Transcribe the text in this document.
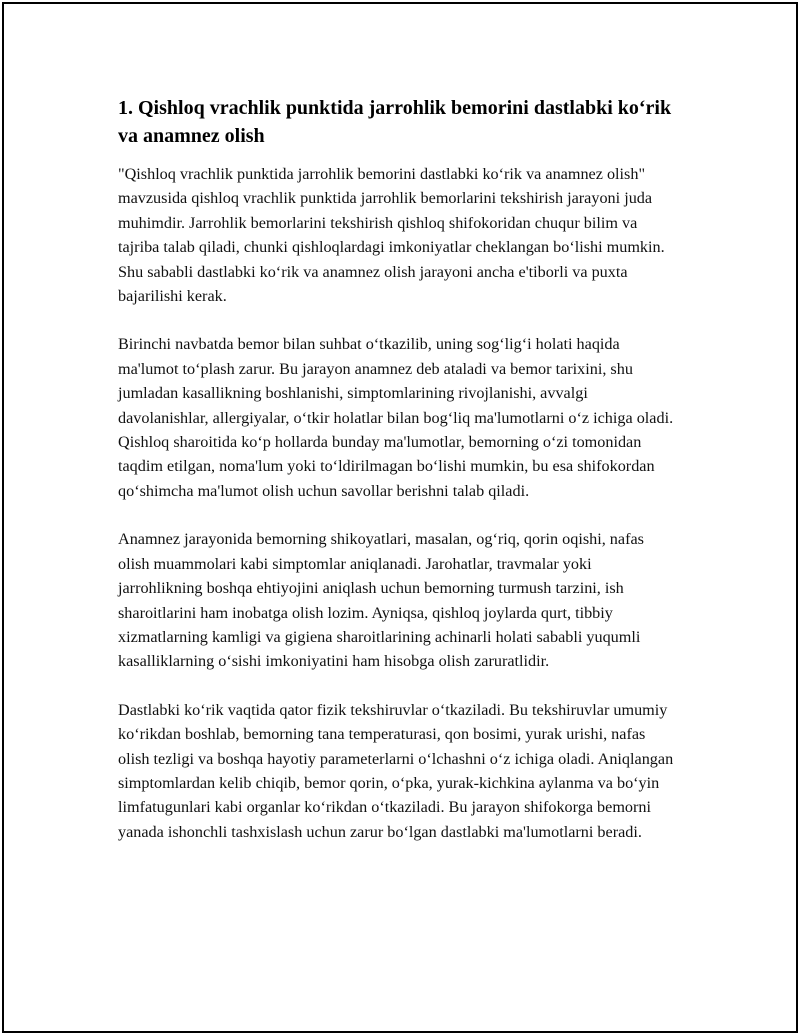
1. Qishloq vrachlik punktida jarrohlik bemorini dastlabki ko‘rik va anamnez olish

"Qishloq vrachlik punktida jarrohlik bemorini dastlabki ko‘rik va anamnez olish" mavzusida qishloq vrachlik punktida jarrohlik bemorlarini tekshirish jarayoni juda muhimdir. Jarrohlik bemorlarini tekshirish qishloq shifokoridan chuqur bilim va tajriba talab qiladi, chunki qishloqlardagi imkoniyatlar cheklangan bo‘lishi mumkin. Shu sababli dastlabki ko‘rik va anamnez olish jarayoni ancha e'tiborli va puxta bajarilishi kerak.

Birinchi navbatda bemor bilan suhbat o‘tkazilib, uning sog‘lig‘i holati haqida ma'lumot to‘plash zarur. Bu jarayon anamnez deb ataladi va bemor tarixini, shu jumladan kasallikning boshlanishi, simptomlarining rivojlanishi, avvalgi davolanishlar, allergiyalar, o‘tkir holatlar bilan bog‘liq ma'lumotlarni o‘z ichiga oladi. Qishloq sharoitida ko‘p hollarda bunday ma'lumotlar, bemorning o‘zi tomonidan taqdim etilgan, noma'lum yoki to‘ldirilmagan bo‘lishi mumkin, bu esa shifokordan qo‘shimcha ma'lumot olish uchun savollar berishni talab qiladi.

Anamnez jarayonida bemorning shikoyatlari, masalan, og‘riq, qorin oqishi, nafas olish muammolari kabi simptomlar aniqlanadi. Jarohatlar, travmalar yoki jarrohlikning boshqa ehtiyojini aniqlash uchun bemorning turmush tarzini, ish sharoitlarini ham inobatga olish lozim. Ayniqsa, qishloq joylarda qurt, tibbiy xizmatlarning kamligi va gigiena sharoitlarining achinarli holati sababli yuqumli kasalliklarning o‘sishi imkoniyatini ham hisobga olish zaruratlidir.

Dastlabki ko‘rik vaqtida qator fizik tekshiruvlar o‘tkaziladi. Bu tekshiruvlar umumiy ko‘rikdan boshlab, bemorning tana temperaturasi, qon bosimi, yurak urishi, nafas olish tezligi va boshqa hayotiy parameterlarni o‘lchashni o‘z ichiga oladi. Aniqlangan simptomlardan kelib chiqib, bemor qorin, o‘pka, yurak-kichkina aylanma va bo‘yin limfatugunlari kabi organlar ko‘rikdan o‘tkaziladi. Bu jarayon shifokorga bemorni yanada ishonchli tashxislash uchun zarur bo‘lgan dastlabki ma'lumotlarni beradi.
